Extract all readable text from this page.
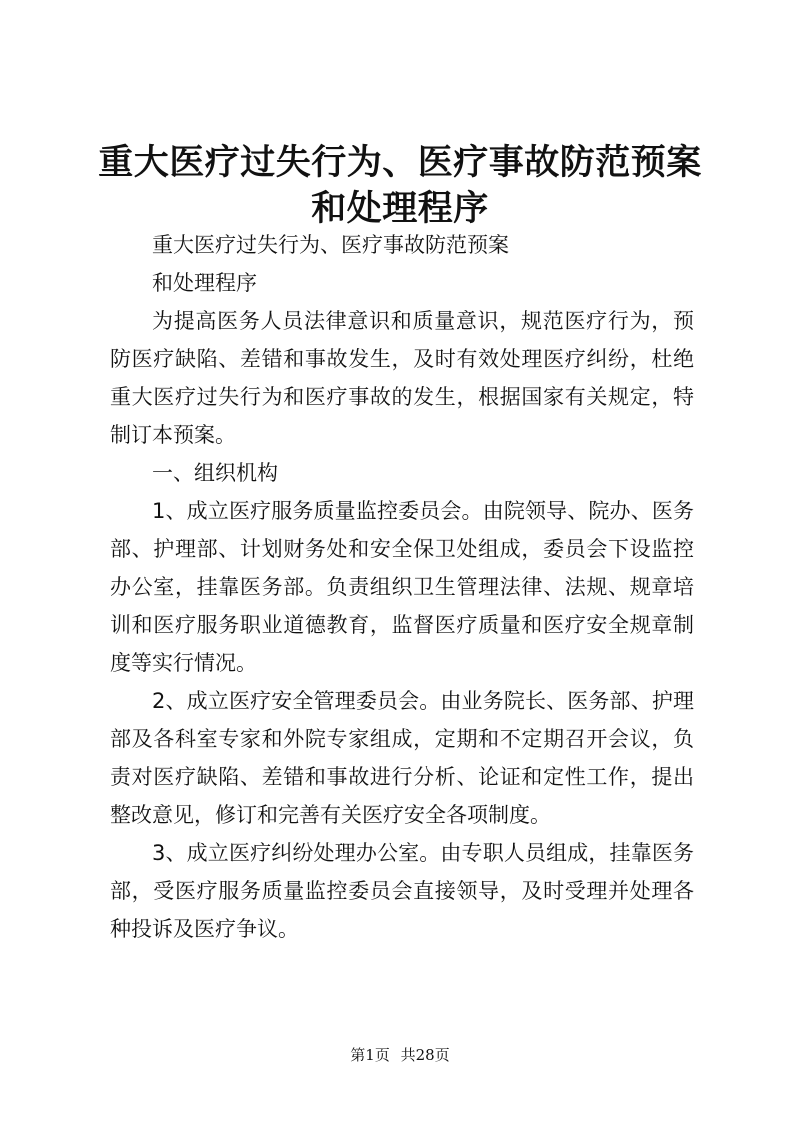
重大医疗过失行为、医疗事故防范预案和处理程序

重大医疗过失行为、医疗事故防范预案

和处理程序

为提高医务人员法律意识和质量意识，规范医疗行为，预防医疗缺陷、差错和事故发生，及时有效处理医疗纠纷，杜绝重大医疗过失行为和医疗事故的发生，根据国家有关规定，特制订本预案。

一、组织机构

1、成立医疗服务质量监控委员会。由院领导、院办、医务部、护理部、计划财务处和安全保卫处组成，委员会下设监控办公室，挂靠医务部。负责组织卫生管理法律、法规、规章培训和医疗服务职业道德教育，监督医疗质量和医疗安全规章制度等实行情况。

2、成立医疗安全管理委员会。由业务院长、医务部、护理部及各科室专家和外院专家组成，定期和不定期召开会议，负责对医疗缺陷、差错和事故进行分析、论证和定性工作，提出整改意见，修订和完善有关医疗安全各项制度。

3、成立医疗纠纷处理办公室。由专职人员组成，挂靠医务部，受医疗服务质量监控委员会直接领导，及时受理并处理各种投诉及医疗争议。

第1页 共28页
